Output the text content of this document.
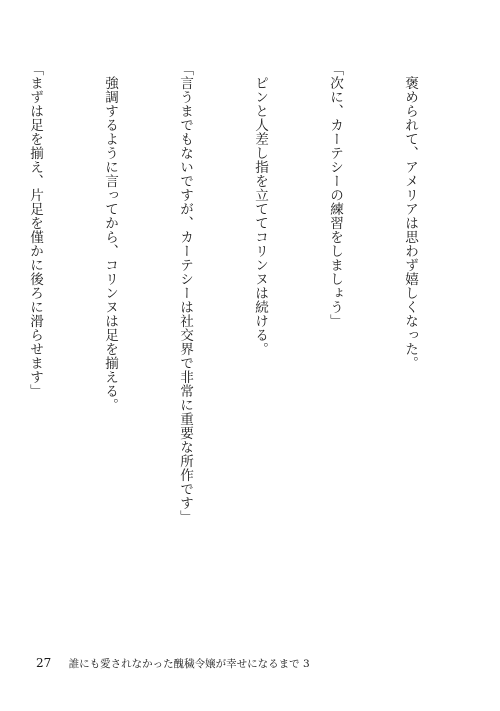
　褒められて、アメリアは思わず嬉しくなった。

「次に、カーテシーの練習をしましょう」

　ピンと人差し指を立ててコリンヌは続ける。

「言うまでもないですが、カーテシーは社交界で非常に重要な所作です」

　強調するように言ってから、コリンヌは足を揃える。

「まずは足を揃え、片足を僅かに後ろに滑らせます」

27 誰にも愛されなかった醜穢令嬢が幸せになるまで 3
